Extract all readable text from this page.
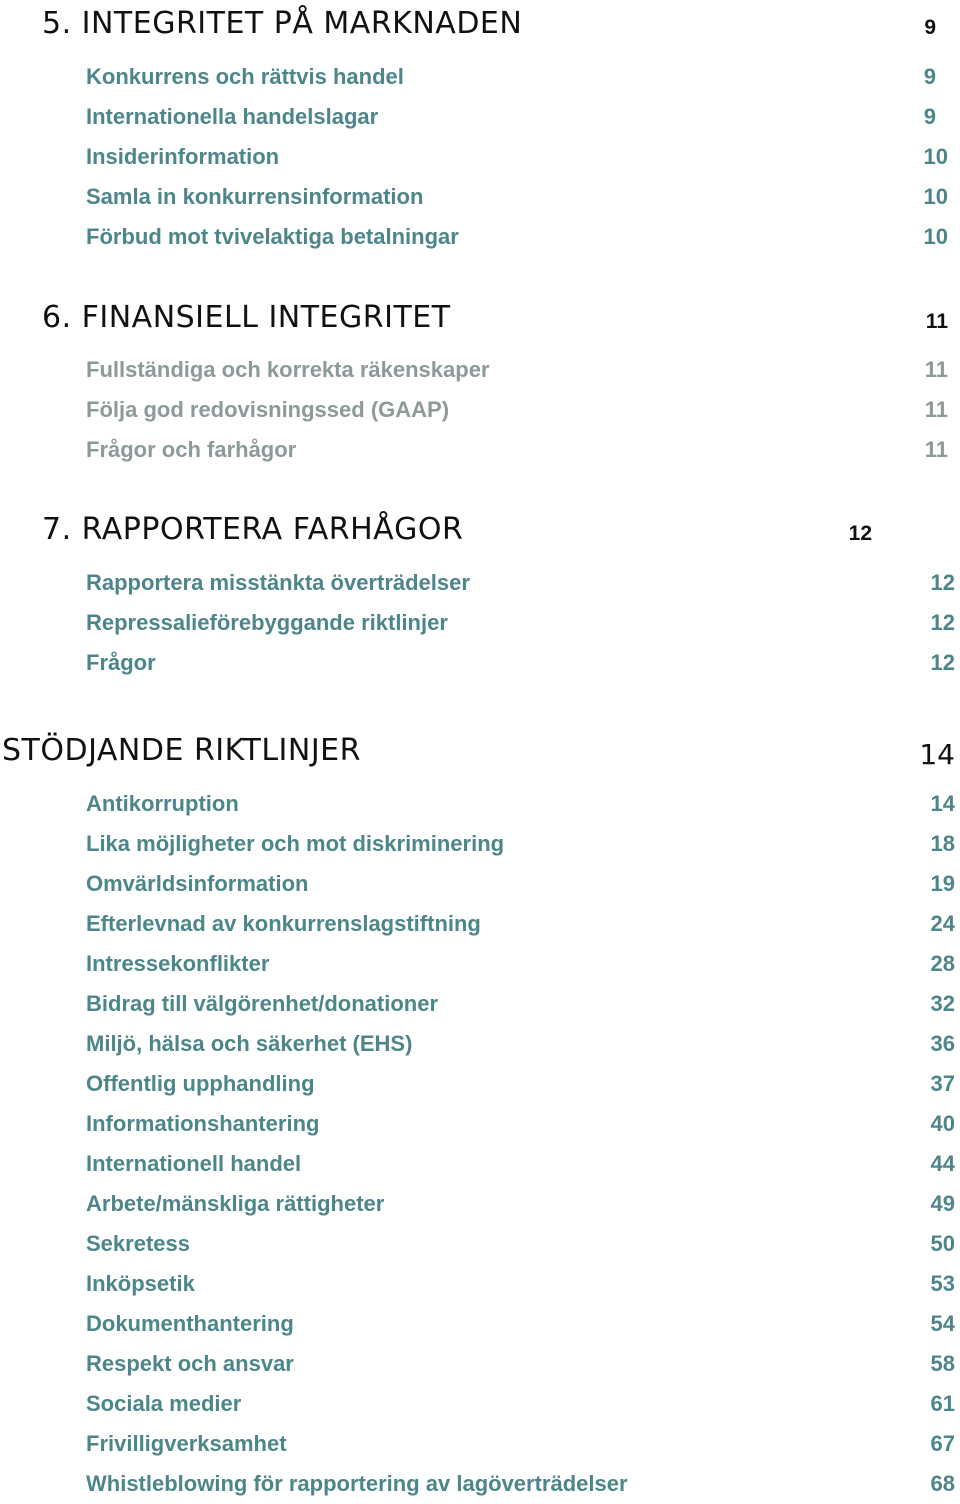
5. INTEGRITET PÅ MARKNADEN	9
Konkurrens och rättvis handel	9
Internationella handelslagar	9
Insiderinformation	10
Samla in konkurrensinformation	10
Förbud mot tvivelaktiga betalningar	10
6. FINANSIELL INTEGRITET	11
Fullständiga och korrekta räkenskaper	11
Följa god redovisningssed (GAAP)	11
Frågor och farhågor	11
7. RAPPORTERA FARHÅGOR	12
Rapportera misstänkta överträdelser	12
Repressalieförebyggande riktlinjer	12
Frågor	12
STÖDJANDE RIKTLINJER	14
Antikorruption	14
Lika möjligheter och mot diskriminering	18
Omvärldsinformation	19
Efterlevnad av konkurrenslagstiftning	24
Intressekonflikter	28
Bidrag till välgörenhet/donationer	32
Miljö, hälsa och säkerhet (EHS)	36
Offentlig upphandling	37
Informationshantering	40
Internationell handel	44
Arbete/mänskliga rättigheter	49
Sekretess	50
Inköpsetik	53
Dokumenthantering	54
Respekt och ansvar	58
Sociala medier	61
Frivilligverksamhet	67
Whistleblowing för rapportering av lagöverträdelser	68
